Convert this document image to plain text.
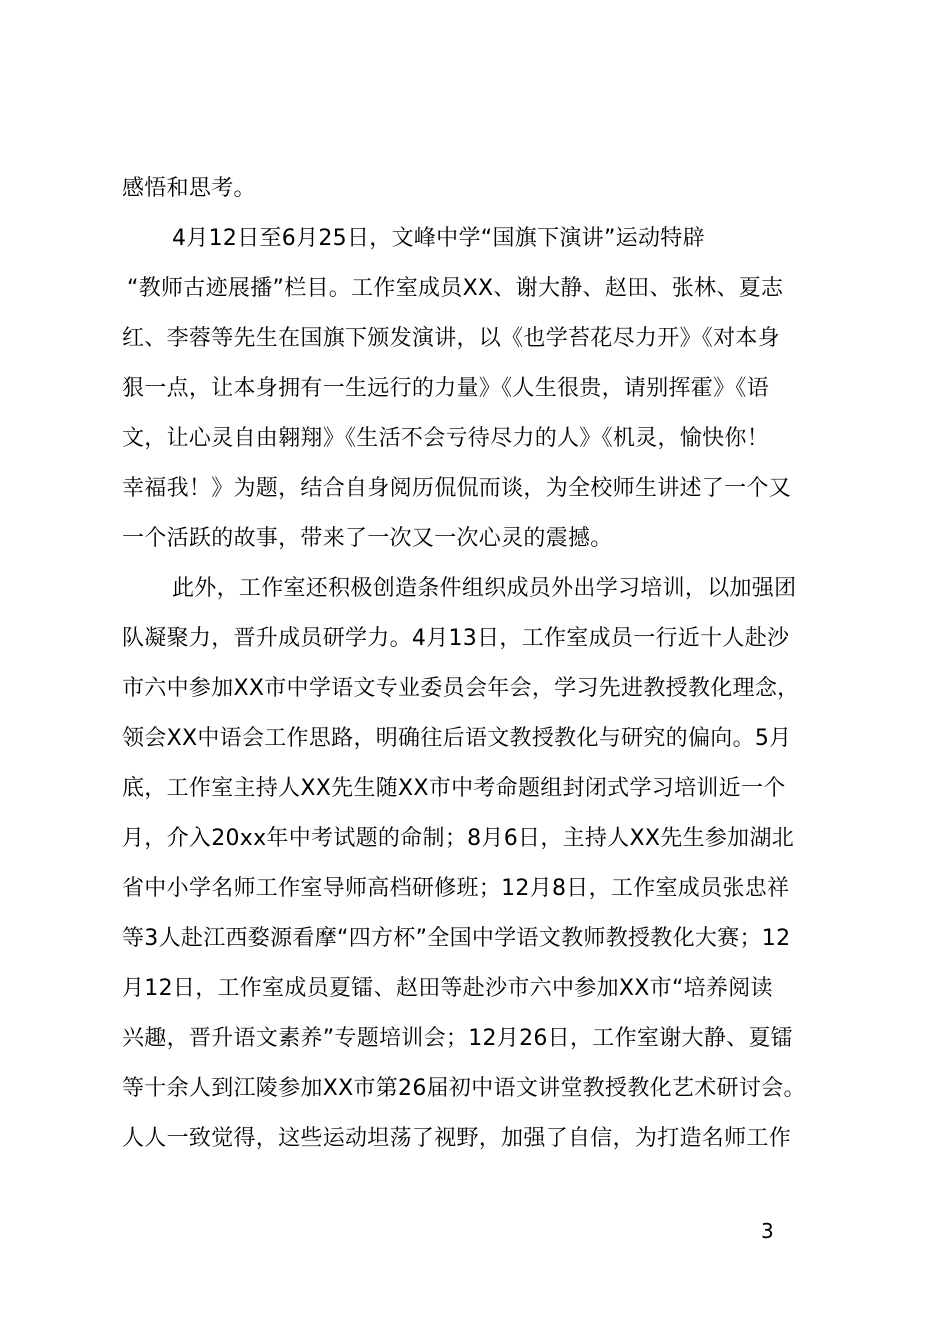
感悟和思考。
4月12日至6月25日，文峰中学“国旗下演讲”运动特辟
“教师古迹展播”栏目。工作室成员XX、谢大静、赵田、张林、夏志
红、李蓉等先生在国旗下颁发演讲，以《也学苔花尽力开》《对本身
狠一点，让本身拥有一生远行的力量》《人生很贵，请别挥霍》《语
文，让心灵自由翱翔》《生活不会亏待尽力的人》《机灵，愉快你！
幸福我！》为题，结合自身阅历侃侃而谈，为全校师生讲述了一个又
一个活跃的故事，带来了一次又一次心灵的震撼。
此外，工作室还积极创造条件组织成员外出学习培训，以加强团
队凝聚力，晋升成员研学力。4月13日，工作室成员一行近十人赴沙
市六中参加XX市中学语文专业委员会年会，学习先进教授教化理念，
领会XX中语会工作思路，明确往后语文教授教化与研究的偏向。5月
底，工作室主持人XX先生随XX市中考命题组封闭式学习培训近一个
月，介入20xx年中考试题的命制；8月6日，主持人XX先生参加湖北
省中小学名师工作室导师高档研修班；12月8日，工作室成员张忠祥
等3人赴江西婺源看摩“四方杯”全国中学语文教师教授教化大赛；12
月12日，工作室成员夏镭、赵田等赴沙市六中参加XX市“培养阅读
兴趣，晋升语文素养”专题培训会；12月26日，工作室谢大静、夏镭
等十余人到江陵参加XX市第26届初中语文讲堂教授教化艺术研讨会。
人人一致觉得，这些运动坦荡了视野，加强了自信，为打造名师工作
3
